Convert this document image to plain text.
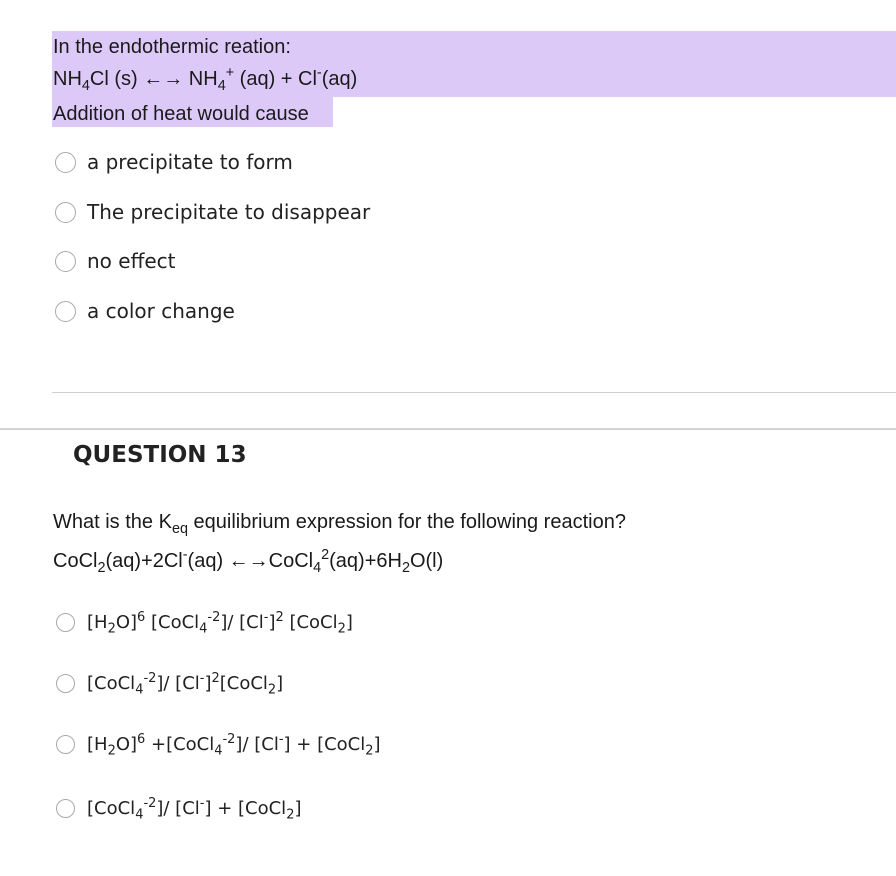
In the endothermic reation:
$NH_4Cl$ (s) ←→ $NH_4^+$ (aq) + Cl-(aq)
Addition of heat would cause
a precipitate to form
The precipitate to disappear
no effect
a color change
QUESTION 13
What is the $K_{eq}$ equilibrium expression for the following reaction?
CoCl$_2$(aq)+2Cl-(aq) $\leftarrow\to CoCl_4^2(aq)+6H_2O(l)$
$[H_2O]^6$ [CoCl$_4^{-2}$]/ $[Cl^-]^2$ [CoCl$_2$]
[CoCl$_4^{-2}$]/ $[Cl^-]^2[CoCl_2]$
$[H_2O]^6$ +[CoCl$_4^{-2}$]/ [Cl-] + [CoCl$_2$]
[CoCl$_4^{-2}$]/ [Cl-] + [CoCl$_2$]
